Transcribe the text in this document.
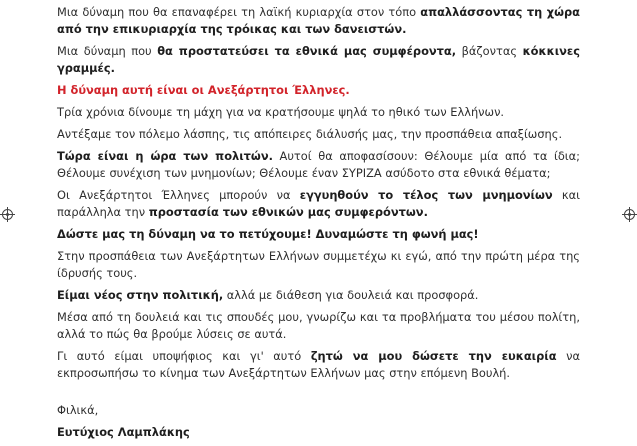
Μια δύναμη που θα επαναφέρει τη λαϊκή κυριαρχία στον τόπο απαλλάσσοντας τη χώρα από την επικυριαρχία της τρόικας και των δανειστών.

Μια δύναμη που θα προστατεύσει τα εθνικά μας συμφέροντα, βάζοντας κόκκινες γραμμές.

Η δύναμη αυτή είναι οι Ανεξάρτητοι Έλληνες.

Τρία χρόνια δίνουμε τη μάχη για να κρατήσουμε ψηλά το ηθικό των Ελλήνων.

Αντέξαμε τον πόλεμο λάσπης, τις απόπειρες διάλυσής μας, την προσπάθεια απαξίωσης.

Τώρα είναι η ώρα των πολιτών. Αυτοί θα αποφασίσουν: Θέλουμε μία από τα ίδια; Θέλουμε συνέχιση των μνημονίων; Θέλουμε έναν ΣΥΡΙΖΑ ασύδοτο στα εθνικά θέματα;

Οι Ανεξάρτητοι Έλληνες μπορούν να εγγυηθούν το τέλος των μνημονίων και παράλληλα την προστασία των εθνικών μας συμφερόντων.

Δώστε μας τη δύναμη να το πετύχουμε! Δυναμώστε τη φωνή μας!

Στην προσπάθεια των Ανεξάρτητων Ελλήνων συμμετέχω κι εγώ, από την πρώτη μέρα της ίδρυσής τους.

Είμαι νέος στην πολιτική, αλλά με διάθεση για δουλειά και προσφορά.

Μέσα από τη δουλειά και τις σπουδές μου, γνωρίζω και τα προβλήματα του μέσου πολίτη, αλλά το πώς θα βρούμε λύσεις σε αυτά.

Γι αυτό είμαι υποψήφιος και γι' αυτό ζητώ να μου δώσετε την ευκαιρία να εκπροσωπήσω το κίνημα των Ανεξάρτητων Ελλήνων μας στην επόμενη Βουλή.

Φιλικά,

Ευτύχιος Λαμπλάκης
